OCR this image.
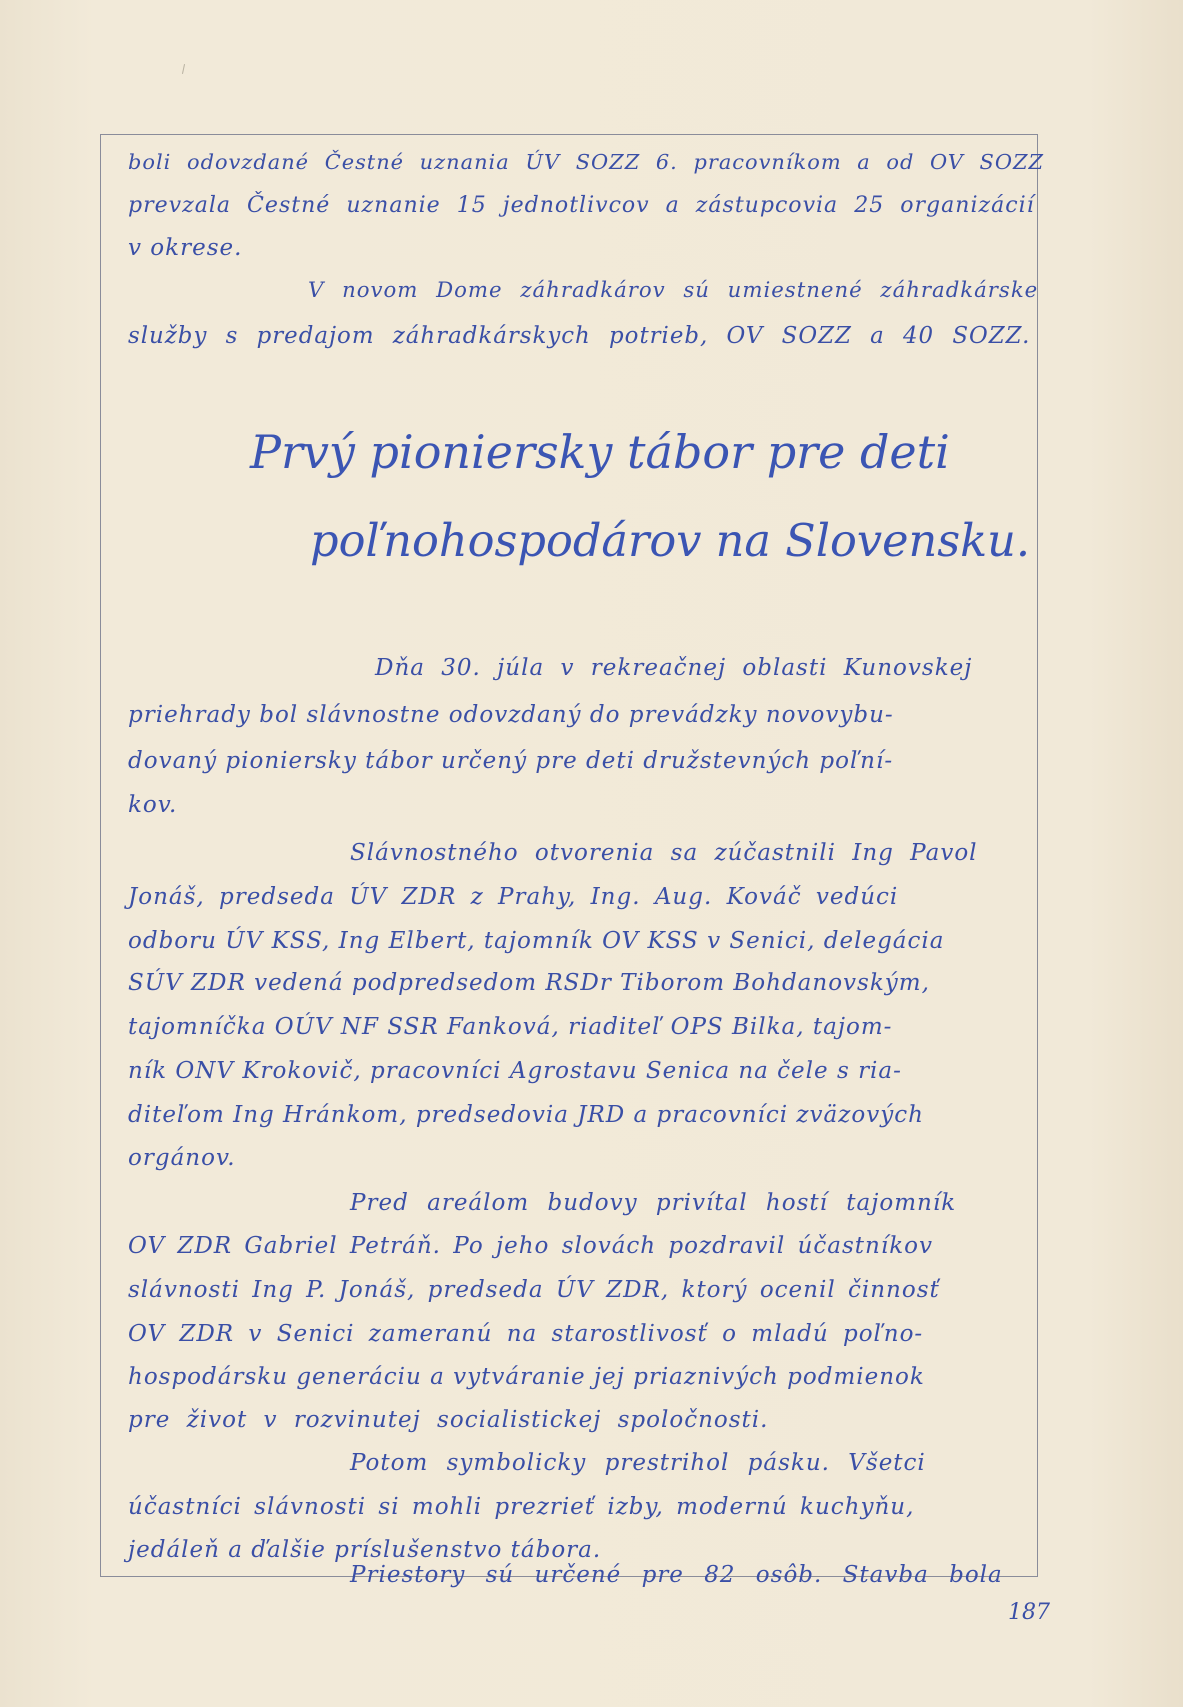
boli odovzdané Čestné uznania ÚV SOZZ 6. pracovníkom a od OV SOZZ
prevzala Čestné uznanie 15 jednotlivcov a zástupcovia 25 organizácií
v okrese.
V novom Dome záhradkárov sú umiestnené záhradkárske
služby s predajom záhradkárskych potrieb, OV SOZZ a 40 SOZZ.
Prvý pioniersky tábor pre deti
poľnohospodárov na Slovensku.
Dňa 30. júla v rekreačnej oblasti Kunovskej
priehrady bol slávnostne odovzdaný do prevádzky novovybu-
dovaný pioniersky tábor určený pre deti družstevných poľní-
kov.
Slávnostného otvorenia sa zúčastnili Ing Pavol
Jonáš, predseda ÚV ZDR z Prahy, Ing. Aug. Kováč vedúci
odboru ÚV KSS, Ing Elbert, tajomník OV KSS v Senici, delegácia
SÚV ZDR vedená podpredsedom RSDr Tiborom Bohdanovským,
tajomníčka OÚV NF SSR Fanková, riaditeľ OPS Bilka, tajom-
ník ONV Krokovič, pracovníci Agrostavu Senica na čele s ria-
diteľom Ing Hránkom, predsedovia JRD a pracovníci zväzových
orgánov.
Pred areálom budovy privítal hostí tajomník
OV ZDR Gabriel Petráň. Po jeho slovách pozdravil účastníkov
slávnosti Ing P. Jonáš, predseda ÚV ZDR, ktorý ocenil činnosť
OV ZDR v Senici zameranú na starostlivosť o mladú poľno-
hospodársku generáciu a vytváranie jej priaznivých podmienok
pre život v rozvinutej socialistickej spoločnosti.
Potom symbolicky prestrihol pásku. Všetci
účastníci slávnosti si mohli prezrieť izby, modernú kuchyňu,
jedáleň a ďalšie príslušenstvo tábora.
Priestory sú určené pre 82 osôb. Stavba bola
187
